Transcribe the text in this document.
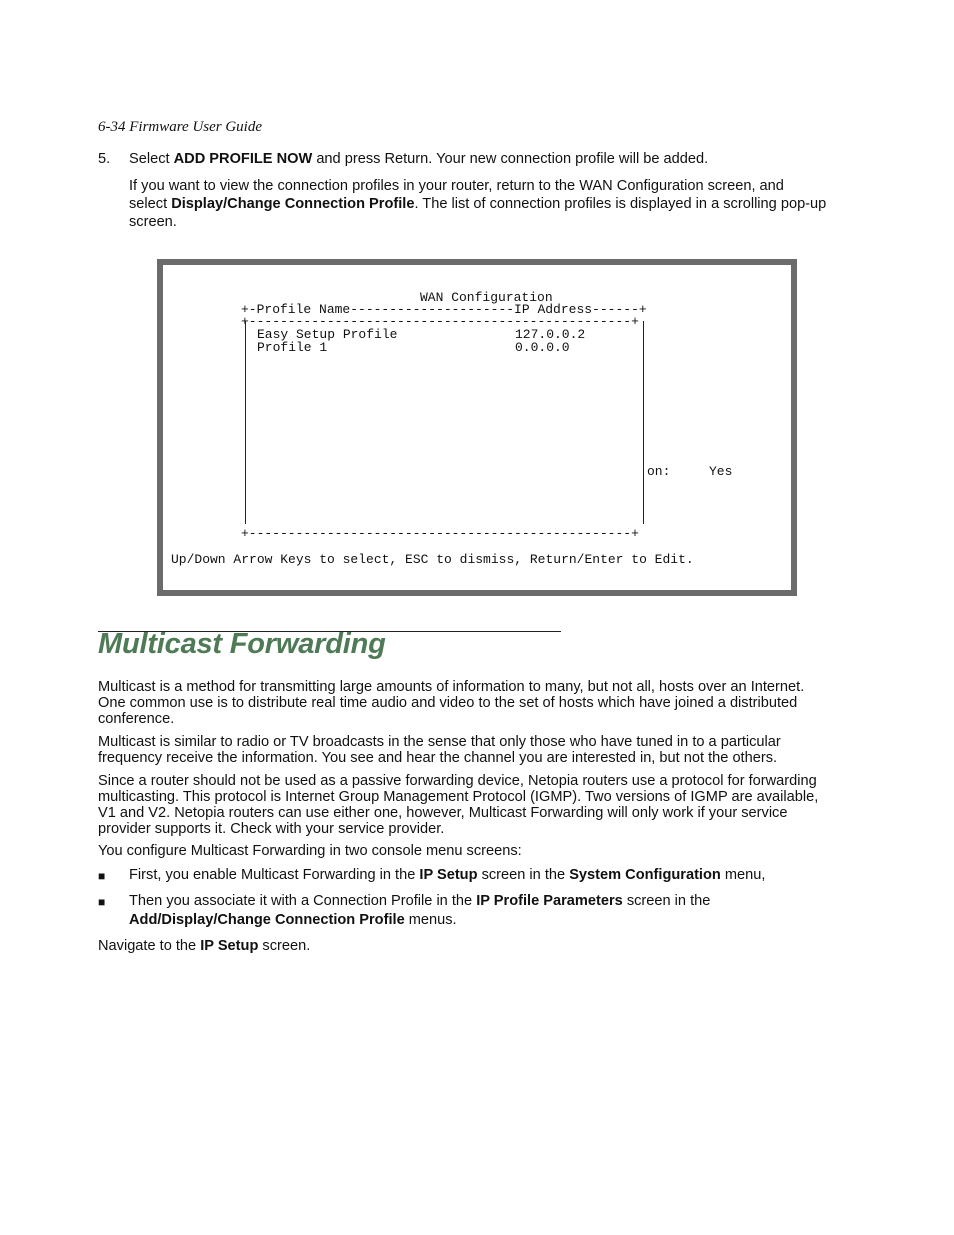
6-34 Firmware User Guide
5. Select ADD PROFILE NOW and press Return. Your new connection profile will be added.

If you want to view the connection profiles in your router, return to the WAN Configuration screen, and
select Display/Change Connection Profile. The list of connection profiles is displayed in a scrolling pop-up
screen.

WAN Configuration
+-Profile Name---------------------IP Address------+
+-------------------------------------------------+
Easy Setup Profile	127.0.0.2
Profile 1	0.0.0.0
on:	Yes
+-------------------------------------------------+
Up/Down Arrow Keys to select, ESC to dismiss, Return/Enter to Edit.
Multicast Forwarding

Multicast is a method for transmitting large amounts of information to many, but not all, hosts over an Internet.
One common use is to distribute real time audio and video to the set of hosts which have joined a distributed
conference.

Multicast is similar to radio or TV broadcasts in the sense that only those who have tuned in to a particular
frequency receive the information. You see and hear the channel you are interested in, but not the others.

Since a router should not be used as a passive forwarding device, Netopia routers use a protocol for forwarding
multicasting. This protocol is Internet Group Management Protocol (IGMP). Two versions of IGMP are available,
V1 and V2. Netopia routers can use either one, however, Multicast Forwarding will only work if your service
provider supports it. Check with your service provider.

You configure Multicast Forwarding in two console menu screens:

■ First, you enable Multicast Forwarding in the IP Setup screen in the System Configuration menu,

■ Then you associate it with a Connection Profile in the IP Profile Parameters screen in the
Add/Display/Change Connection Profile menus.

Navigate to the IP Setup screen.
